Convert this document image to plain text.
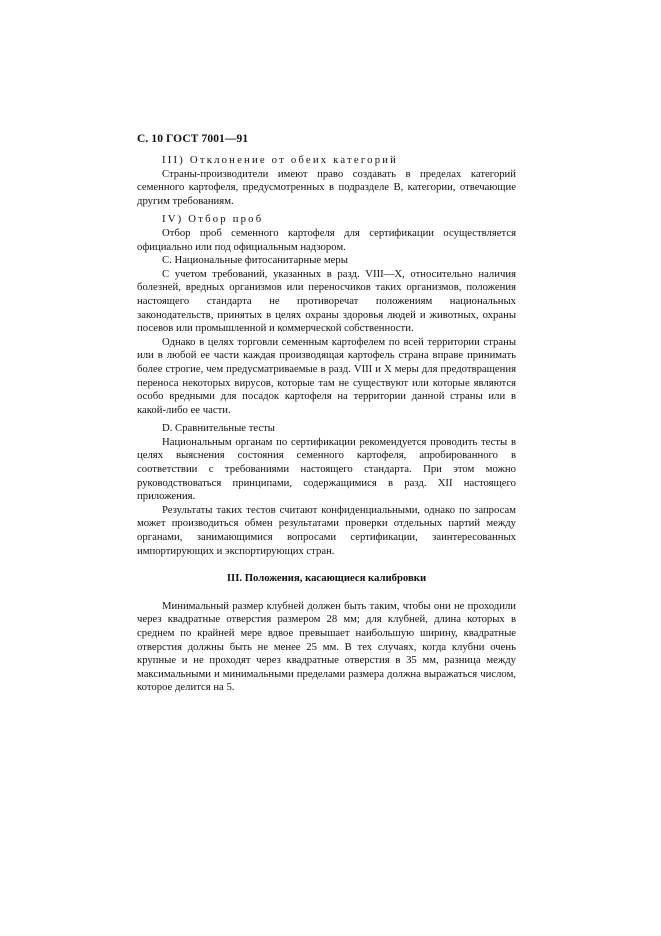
С. 10 ГОСТ 7001—91

III) Отклонение от обеих категорий

Страны-производители имеют право создавать в пределах категорий семенного картофеля, предусмотренных в подразделе В, категории, отвечающие другим требованиям.

IV) Отбор проб

Отбор проб семенного картофеля для сертификации осуществляется официально или под официальным надзором.

C. Национальные фитосанитарные меры

С учетом требований, указанных в разд. VIII—X, относительно наличия болезней, вредных организмов или переносчиков таких организмов, положения настоящего стандарта не противоречат положениям национальных законодательств, принятых в целях охраны здоровья людей и животных, охраны посевов или промышленной и коммерческой собственности.

Однако в целях торговли семенным картофелем по всей территории страны или в любой ее части каждая производящая картофель страна вправе принимать более строгие, чем предусматриваемые в разд. VIII и X меры для предотвращения переноса некоторых вирусов, которые там не существуют или которые являются особо вредными для посадок картофеля на территории данной страны или в какой-либо ее части.

D. Сравнительные тесты

Национальным органам по сертификации рекомендуется проводить тесты в целях выяснения состояния семенного картофеля, апробированного в соответствии с требованиями настоящего стандарта. При этом можно руководствоваться принципами, содержащимися в разд. XII настоящего приложения.

Результаты таких тестов считают конфиденциальными, однако по запросам может производиться обмен результатами проверки отдельных партий между органами, занимающимися вопросами сертификации, заинтересованных импортирующих и экспортирующих стран.

III. Положения, касающиеся калибровки

Минимальный размер клубней должен быть таким, чтобы они не проходили через квадратные отверстия размером 28 мм; для клубней, длина которых в среднем по крайней мере вдвое превышает наибольшую ширину, квадратные отверстия должны быть не менее 25 мм. В тех случаях, когда клубни очень крупные и не проходят через квадратные отверстия в 35 мм, разница между максимальными и минимальными пределами размера должна выражаться числом, которое делится на 5.
